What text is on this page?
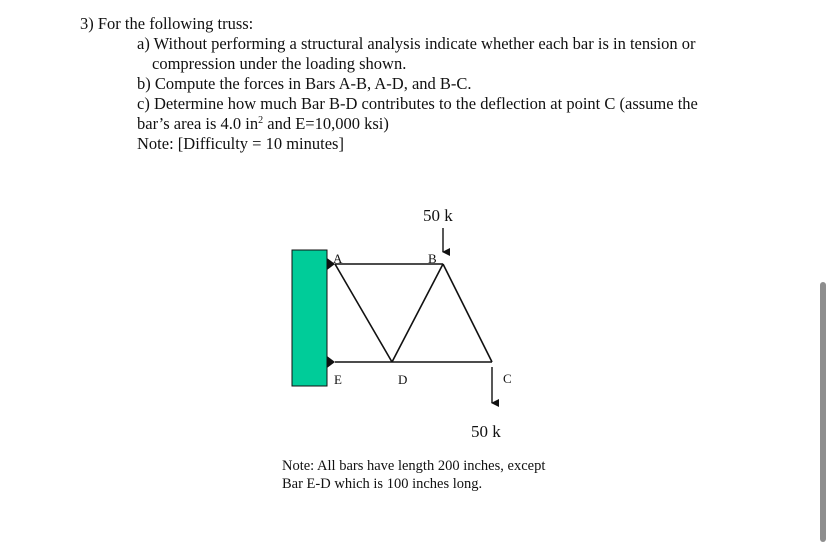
3) For the following truss:
a) Without performing a structural analysis indicate whether each bar is in tension or
compression under the loading shown.
b) Compute the forces in Bars A-B, A-D, and B-C.
c) Determine how much Bar B-D contributes to the deflection at point C (assume the
bar’s area is 4.0 $in^2$ and E=10,000 ksi)
Note: [Difficulty = 10 minutes]
50 k
50 k
A	B
E	D	C
Note: All bars have length 200 inches, except
Bar E-D which is 100 inches long.
